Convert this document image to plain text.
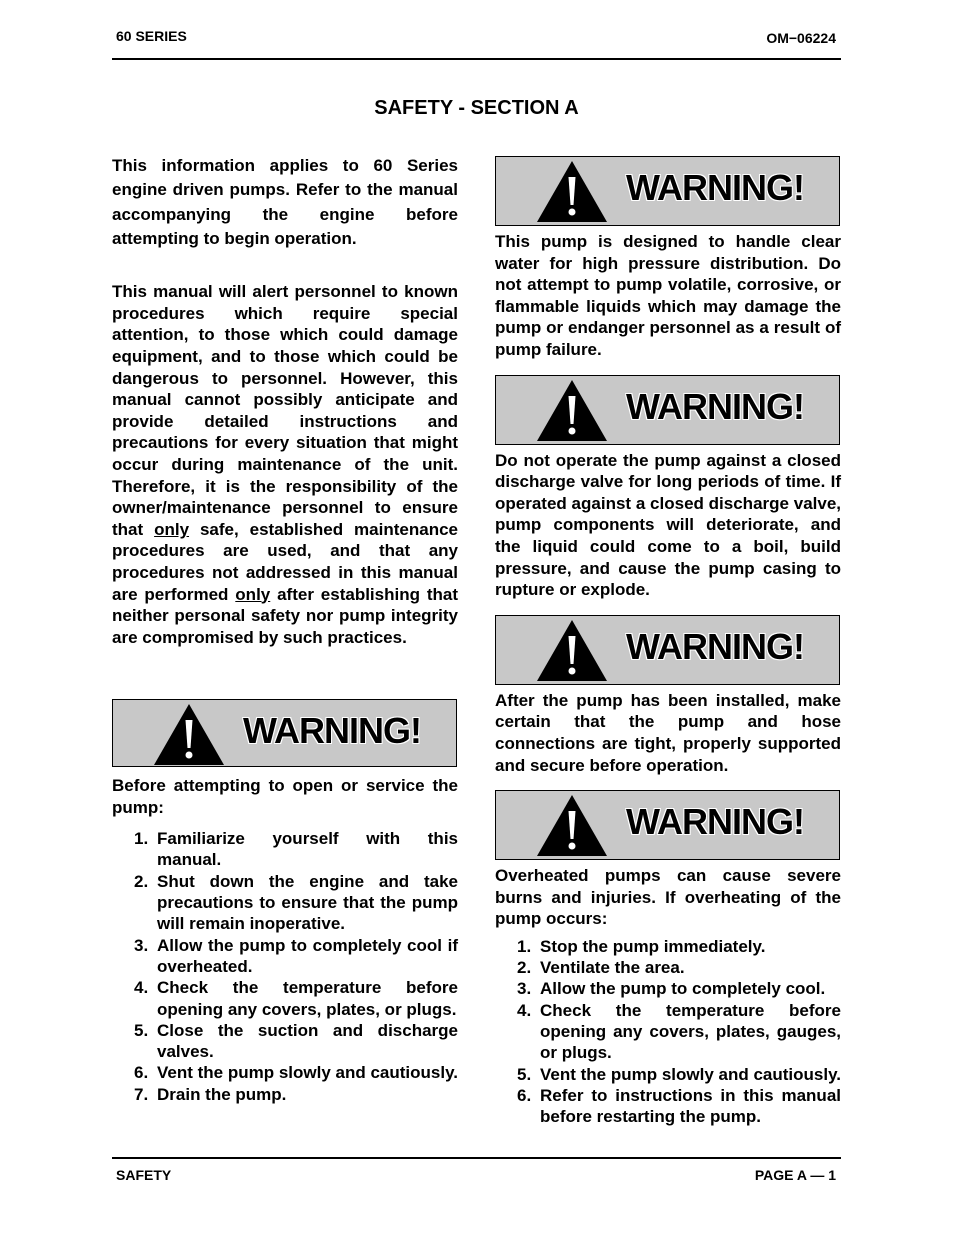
60 SERIES	OM−06224
SAFETY - SECTION A

This information applies to 60 Series engine driven pumps. Refer to the manual accompanying the engine before attempting to begin operation.

This manual will alert personnel to known procedures which require special attention, to those which could damage equipment, and to those which could be dangerous to personnel. However, this manual cannot possibly anticipate and provide detailed instructions and precautions for every situation that might occur during maintenance of the unit. Therefore, it is the responsibility of the owner/maintenance personnel to ensure that only safe, established maintenance procedures are used, and that any procedures not addressed in this manual are performed only after establishing that neither personal safety nor pump integrity are compromised by such practices.

WARNING!

Before attempting to open or service the pump:

1. Familiarize yourself with this manual.
2. Shut down the engine and take precautions to ensure that the pump will remain inoperative.
3. Allow the pump to completely cool if overheated.
4. Check the temperature before opening any covers, plates, or plugs.
5. Close the suction and discharge valves.
6. Vent the pump slowly and cautiously.
7. Drain the pump.
WARNING!

This pump is designed to handle clear water for high pressure distribution. Do not attempt to pump volatile, corrosive, or flammable liquids which may damage the pump or endanger personnel as a result of pump failure.

WARNING!

Do not operate the pump against a closed discharge valve for long periods of time. If operated against a closed discharge valve, pump components will deteriorate, and the liquid could come to a boil, build pressure, and cause the pump casing to rupture or explode.

WARNING!

After the pump has been installed, make certain that the pump and hose connections are tight, properly supported and secure before operation.

WARNING!

Overheated pumps can cause severe burns and injuries. If overheating of the pump occurs:

1. Stop the pump immediately.
2. Ventilate the area.
3. Allow the pump to completely cool.
4. Check the temperature before opening any covers, plates, gauges, or plugs.
5. Vent the pump slowly and cautiously.
6. Refer to instructions in this manual before restarting the pump.
SAFETY	PAGE A — 1
